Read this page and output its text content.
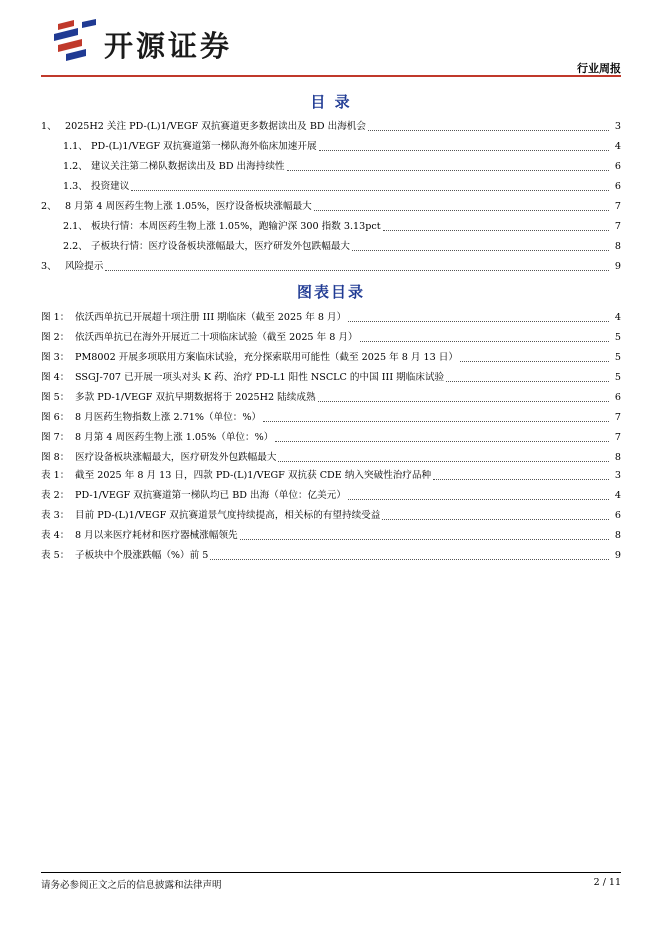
开源证券
行业周报
目 录
1、 2025H2 关注 PD-(L)1/VEGF 双抗赛道更多数据读出及 BD 出海机会	3
1.1、 PD-(L)1/VEGF 双抗赛道第一梯队海外临床加速开展	4
1.2、 建议关注第二梯队数据读出及 BD 出海持续性	6
1.3、 投资建议	6
2、 8 月第 4 周医药生物上涨 1.05%，医疗设备板块涨幅最大	7
2.1、 板块行情：本周医药生物上涨 1.05%，跑输沪深 300 指数 3.13pct	7
2.2、 子板块行情：医疗设备板块涨幅最大，医疗研发外包跌幅最大	8
3、 风险提示	9
图表目录
图 1： 依沃西单抗已开展超十项注册 III 期临床（截至 2025 年 8 月）	4
图 2： 依沃西单抗已在海外开展近二十项临床试验（截至 2025 年 8 月）	5
图 3： PM8002 开展多项联用方案临床试验，充分探索联用可能性（截至 2025 年 8 月 13 日）	5
图 4： SSGJ-707 已开展一项头对头 K 药、治疗 PD-L1 阳性 NSCLC 的中国 III 期临床试验	5
图 5： 多款 PD-1/VEGF 双抗早期数据将于 2025H2 陆续成熟	6
图 6： 8 月医药生物指数上涨 2.71%（单位：%）	7
图 7： 8 月第 4 周医药生物上涨 1.05%（单位：%）	7
图 8： 医疗设备板块涨幅最大，医疗研发外包跌幅最大	8
表 1： 截至 2025 年 8 月 13 日，四款 PD-(L)1/VEGF 双抗获 CDE 纳入突破性治疗品种	3
表 2： PD-1/VEGF 双抗赛道第一梯队均已 BD 出海（单位：亿美元）	4
表 3： 目前 PD-(L)1/VEGF 双抗赛道景气度持续提高，相关标的有望持续受益	6
表 4： 8 月以来医疗耗材和医疗器械涨幅领先	8
表 5： 子板块中个股涨跌幅（%）前 5	9
请务必参阅正文之后的信息披露和法律声明	2 / 11
